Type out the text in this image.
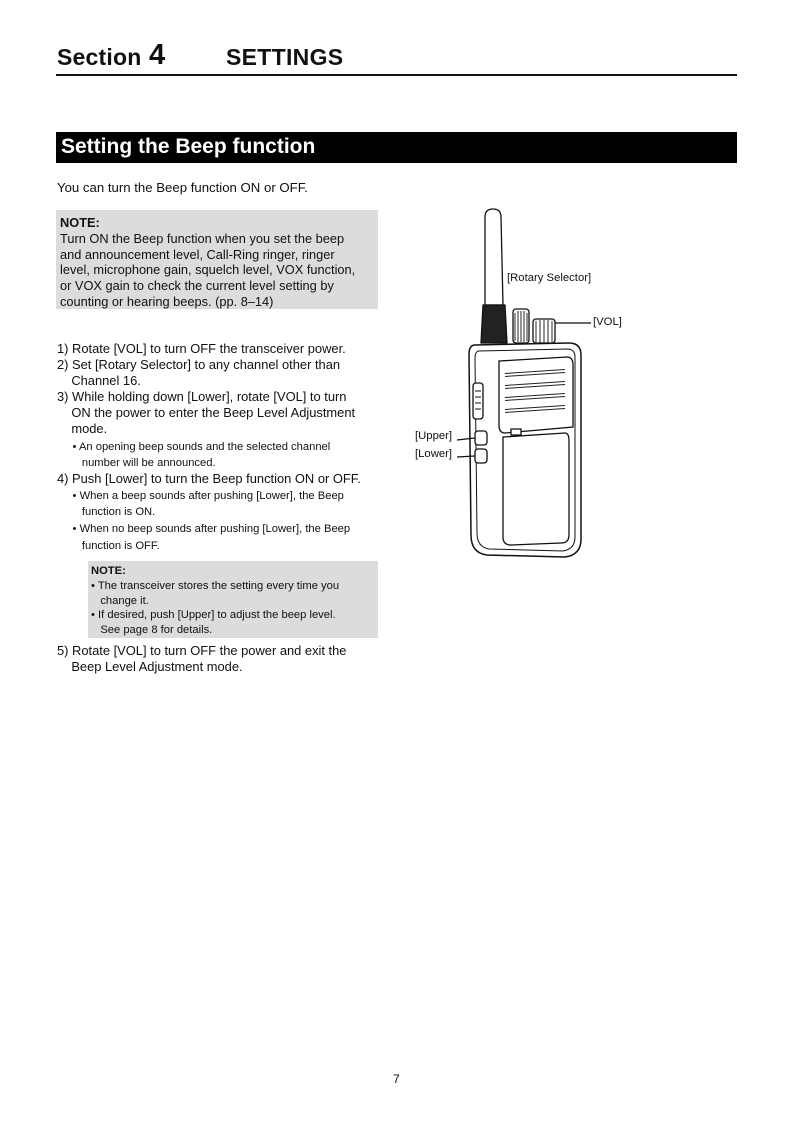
Section 4	SETTINGS
Setting the Beep function
You can turn the Beep function ON or OFF.
NOTE:
Turn ON the Beep function when you set the beep
and announcement level, Call-Ring ringer, ringer
level, microphone gain, squelch level, VOX function,
or VOX gain to check the current level setting by
counting or hearing beeps. (pp. 8–14)
1) Rotate [VOL] to turn OFF the transceiver power.
2) Set [Rotary Selector] to any channel other than
Channel 16.
3) While holding down [Lower], rotate [VOL] to turn
ON the power to enter the Beep Level Adjustment
mode.
• An opening beep sounds and the selected channel
number will be announced.
4) Push [Lower] to turn the Beep function ON or OFF.
• When a beep sounds after pushing [Lower], the Beep
function is ON.
• When no beep sounds after pushing [Lower], the Beep
function is OFF.
NOTE:
• The transceiver stores the setting every time you
change it.
• If desired, push [Upper] to adjust the beep level.
See page 8 for details.
5) Rotate [VOL] to turn OFF the power and exit the
Beep Level Adjustment mode.
[Rotary Selector]
[VOL]
[Upper]
[Lower]
7
